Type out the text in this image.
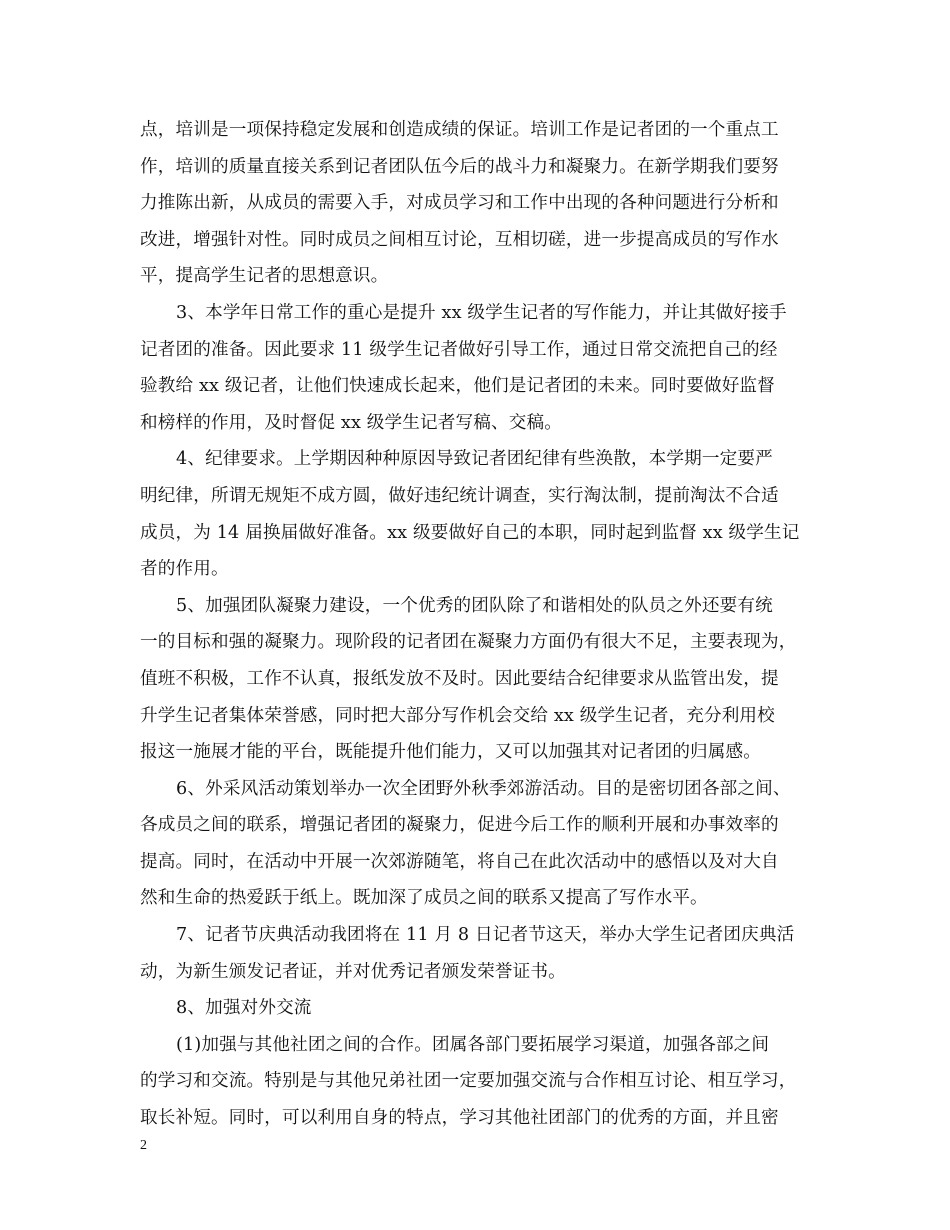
点，培训是一项保持稳定发展和创造成绩的保证。培训工作是记者团的一个重点工
作，培训的质量直接关系到记者团队伍今后的战斗力和凝聚力。在新学期我们要努
力推陈出新，从成员的需要入手，对成员学习和工作中出现的各种问题进行分析和
改进，增强针对性。同时成员之间相互讨论，互相切磋，进一步提高成员的写作水
平，提高学生记者的思想意识。
3、本学年日常工作的重心是提升 xx 级学生记者的写作能力，并让其做好接手
记者团的准备。因此要求 11 级学生记者做好引导工作，通过日常交流把自己的经
验教给 xx 级记者，让他们快速成长起来，他们是记者团的未来。同时要做好监督
和榜样的作用，及时督促 xx 级学生记者写稿、交稿。
4、纪律要求。上学期因种种原因导致记者团纪律有些涣散，本学期一定要严
明纪律，所谓无规矩不成方圆，做好违纪统计调查，实行淘汰制，提前淘汰不合适
成员，为 14 届换届做好准备。xx 级要做好自己的本职，同时起到监督 xx 级学生记
者的作用。
5、加强团队凝聚力建设，一个优秀的团队除了和谐相处的队员之外还要有统
一的目标和强的凝聚力。现阶段的记者团在凝聚力方面仍有很大不足，主要表现为，
值班不积极，工作不认真，报纸发放不及时。因此要结合纪律要求从监管出发，提
升学生记者集体荣誉感，同时把大部分写作机会交给 xx 级学生记者，充分利用校
报这一施展才能的平台，既能提升他们能力，又可以加强其对记者团的归属感。
6、外采风活动策划举办一次全团野外秋季郊游活动。目的是密切团各部之间、
各成员之间的联系，增强记者团的凝聚力，促进今后工作的顺利开展和办事效率的
提高。同时，在活动中开展一次郊游随笔，将自己在此次活动中的感悟以及对大自
然和生命的热爱跃于纸上。既加深了成员之间的联系又提高了写作水平。
7、记者节庆典活动我团将在 11 月 8 日记者节这天，举办大学生记者团庆典活
动，为新生颁发记者证，并对优秀记者颁发荣誉证书。
8、加强对外交流
(1)加强与其他社团之间的合作。团属各部门要拓展学习渠道，加强各部之间
的学习和交流。特别是与其他兄弟社团一定要加强交流与合作相互讨论、相互学习，
取长补短。同时，可以利用自身的特点，学习其他社团部门的优秀的方面，并且密
2
